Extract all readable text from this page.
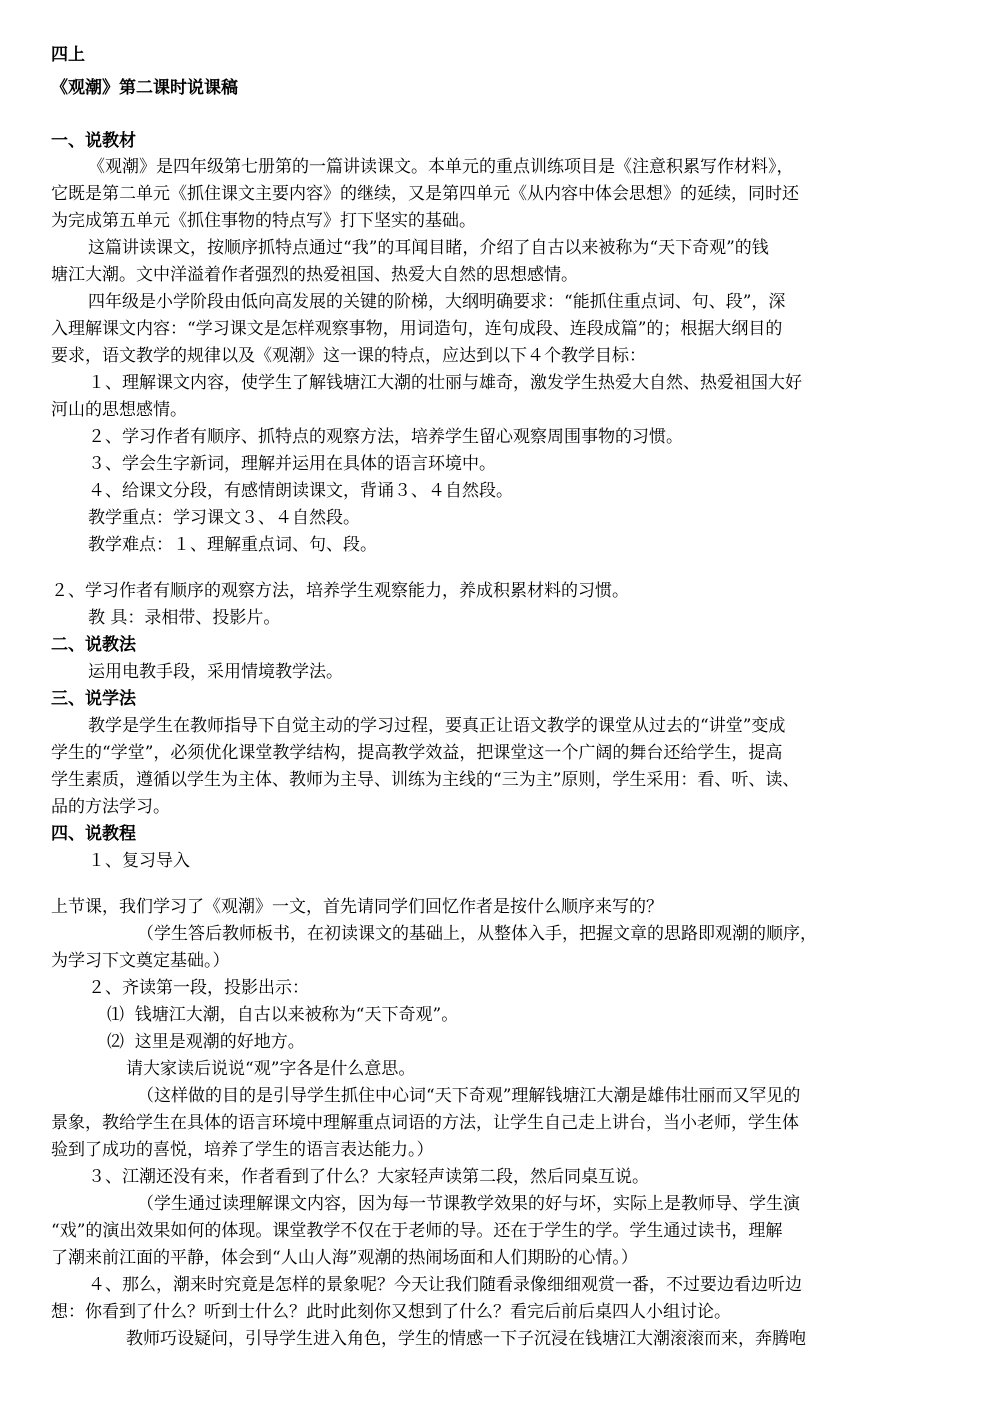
四上

《观潮》第二课时说课稿

一、说教材

《观潮》是四年级第七册第的一篇讲读课文。本单元的重点训练项目是《注意积累写作材料》，

它既是第二单元《抓住课文主要内容》的继续，又是第四单元《从内容中体会思想》的延续，同时还

为完成第五单元《抓住事物的特点写》打下坚实的基础。

这篇讲读课文，按顺序抓特点通过“我”的耳闻目睹，介绍了自古以来被称为“天下奇观”的钱

塘江大潮。文中洋溢着作者强烈的热爱祖国、热爱大自然的思想感情。

四年级是小学阶段由低向高发展的关键的阶梯，大纲明确要求：“能抓住重点词、句、段”，深

入理解课文内容：“学习课文是怎样观察事物，用词造句，连句成段、连段成篇”的；根据大纲目的

要求，语文教学的规律以及《观潮》这一课的特点，应达到以下４个教学目标：

１、理解课文内容，使学生了解钱塘江大潮的壮丽与雄奇，激发学生热爱大自然、热爱祖国大好

河山的思想感情。

２、学习作者有顺序、抓特点的观察方法，培养学生留心观察周围事物的习惯。

３、学会生字新词，理解并运用在具体的语言环境中。

４、给课文分段，有感情朗读课文，背诵３、４自然段。

教学重点：学习课文３、４自然段。

教学难点：１、理解重点词、句、段。

２、学习作者有顺序的观察方法，培养学生观察能力，养成积累材料的习惯。

教 具：录相带、投影片。

二、说教法

运用电教手段，采用情境教学法。

三、说学法

教学是学生在教师指导下自觉主动的学习过程，要真正让语文教学的课堂从过去的“讲堂”变成

学生的“学堂”，必须优化课堂教学结构，提高教学效益，把课堂这一个广阔的舞台还给学生，提高

学生素质，遵循以学生为主体、教师为主导、训练为主线的“三为主”原则，学生采用：看、听、读、

品的方法学习。

四、说教程

１、复习导入

上节课，我们学习了《观潮》一文，首先请同学们回忆作者是按什么顺序来写的？

（学生答后教师板书，在初读课文的基础上，从整体入手，把握文章的思路即观潮的顺序，

为学习下文奠定基础。）

２、齐读第一段，投影出示：

⑴  钱塘江大潮，自古以来被称为“天下奇观”。

⑵  这里是观潮的好地方。

请大家读后说说“观”字各是什么意思。

（这样做的目的是引导学生抓住中心词“天下奇观”理解钱塘江大潮是雄伟壮丽而又罕见的

景象，教给学生在具体的语言环境中理解重点词语的方法，让学生自己走上讲台，当小老师，学生体

验到了成功的喜悦，培养了学生的语言表达能力。）

３、江潮还没有来，作者看到了什么？大家轻声读第二段，然后同桌互说。

（学生通过读理解课文内容，因为每一节课教学效果的好与坏，实际上是教师导、学生演

“戏”的演出效果如何的体现。课堂教学不仅在于老师的导。还在于学生的学。学生通过读书，理解

了潮来前江面的平静，体会到“人山人海”观潮的热闹场面和人们期盼的心情。）

４、那么，潮来时究竟是怎样的景象呢？今天让我们随看录像细细观赏一番，不过要边看边听边

想：你看到了什么？听到士什么？此时此刻你又想到了什么？看完后前后桌四人小组讨论。

教师巧设疑问，引导学生进入角色，学生的情感一下子沉浸在钱塘江大潮滚滚而来，奔腾咆
